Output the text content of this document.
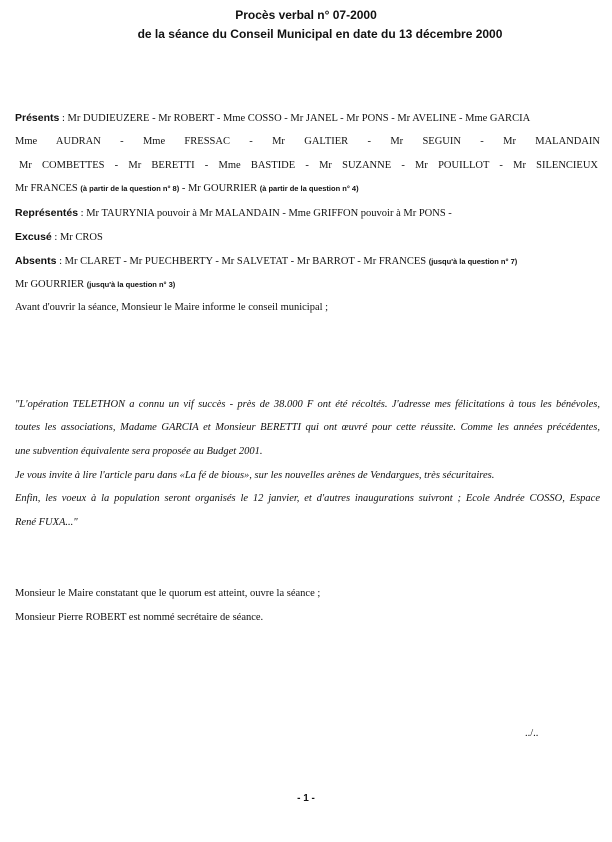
Procès verbal n° 07-2000
de la séance du Conseil Municipal en date du 13 décembre 2000
Présents : Mr DUDIEUZERE - Mr ROBERT - Mme COSSO - Mr JANEL - Mr PONS - Mr AVELINE - Mme GARCIA
Mme AUDRAN - Mme FRESSAC - Mr GALTIER - Mr SEGUIN - Mr MALANDAIN
Mr COMBETTES - Mr BERETTI - Mme BASTIDE - Mr SUZANNE - Mr POUILLOT - Mr SILENCIEUX
Mr FRANCES (à partir de la question n° 8) - Mr GOURRIER (à partir de la question n° 4)
Représentés : Mr TAURYNIA pouvoir à Mr MALANDAIN - Mme GRIFFON pouvoir à Mr PONS -
Excusé : Mr CROS
Absents : Mr CLARET - Mr PUECHBERTY - Mr SALVETAT - Mr BARROT - Mr FRANCES (jusqu'à la question n° 7)
Mr GOURRIER (jusqu'à la question n° 3)
Avant d'ouvrir la séance, Monsieur le Maire informe le conseil municipal ;
"L'opération TELETHON a connu un vif succès - près de 38.000 F ont été récoltés. J'adresse mes félicitations à tous les bénévoles,
toutes les associations, Madame GARCIA et Monsieur BERETTI qui ont œuvré pour cette réussite. Comme les années précédentes,
une subvention équivalente sera proposée au Budget 2001.
Je vous invite à lire l'article paru dans «La fé de bious», sur les nouvelles arènes de Vendargues, très sécuritaires.
Enfin, les voeux à la population seront organisés le 12 janvier, et d'autres inaugurations suivront ; Ecole Andrée COSSO, Espace
René FUXA..."
Monsieur le Maire constatant que le quorum est atteint, ouvre la séance ;
Monsieur Pierre ROBERT est nommé secrétaire de séance.
../..
- 1 -
